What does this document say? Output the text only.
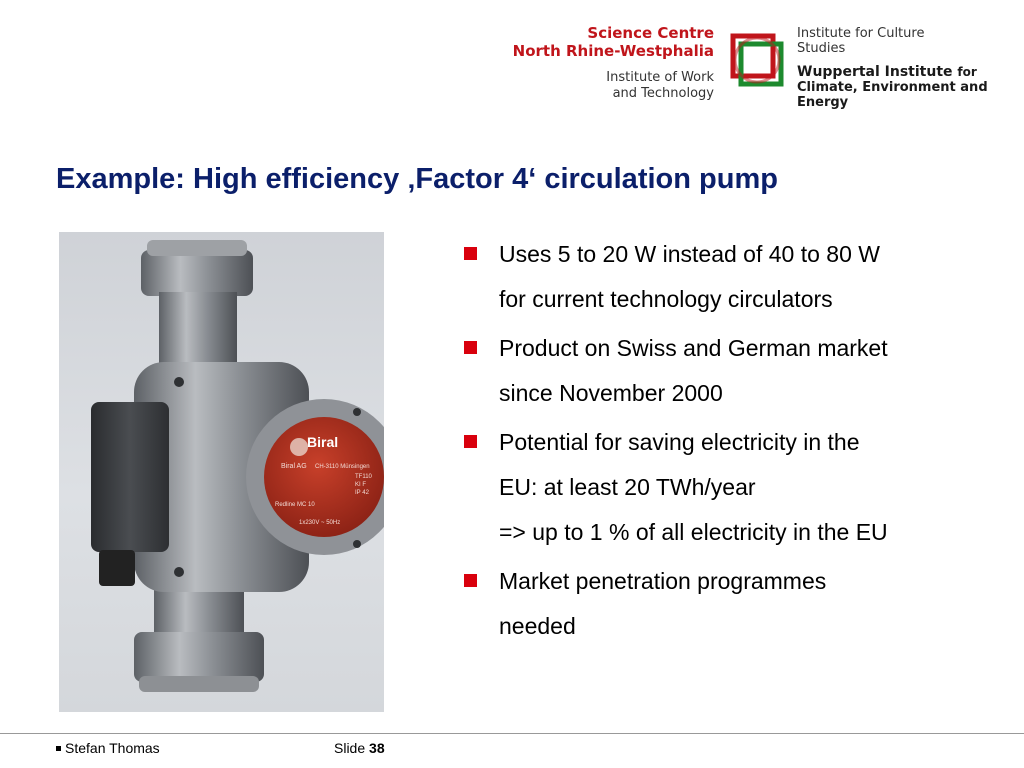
Science Centre
North Rhine-Westphalia
Institute of Work
and Technology
Institute for Culture
Studies
Wuppertal Institute for
Climate, Environment and
Energy
Example: High efficiency ‚Factor 4‘ circulation pump
Biral
Biral AG CH-3110 Münsingen
TF110
KI F
IP 42
Redline MC 10
1x230V ~ 50Hz
Uses 5 to 20 W instead of 40 to 80 W
for current technology circulators
Product on Swiss and German market
since November 2000
Potential for saving electricity in the
EU: at least 20 TWh/year
=> up to 1 % of all electricity in the EU
Market penetration programmes
needed
Stefan Thomas	Slide 38
